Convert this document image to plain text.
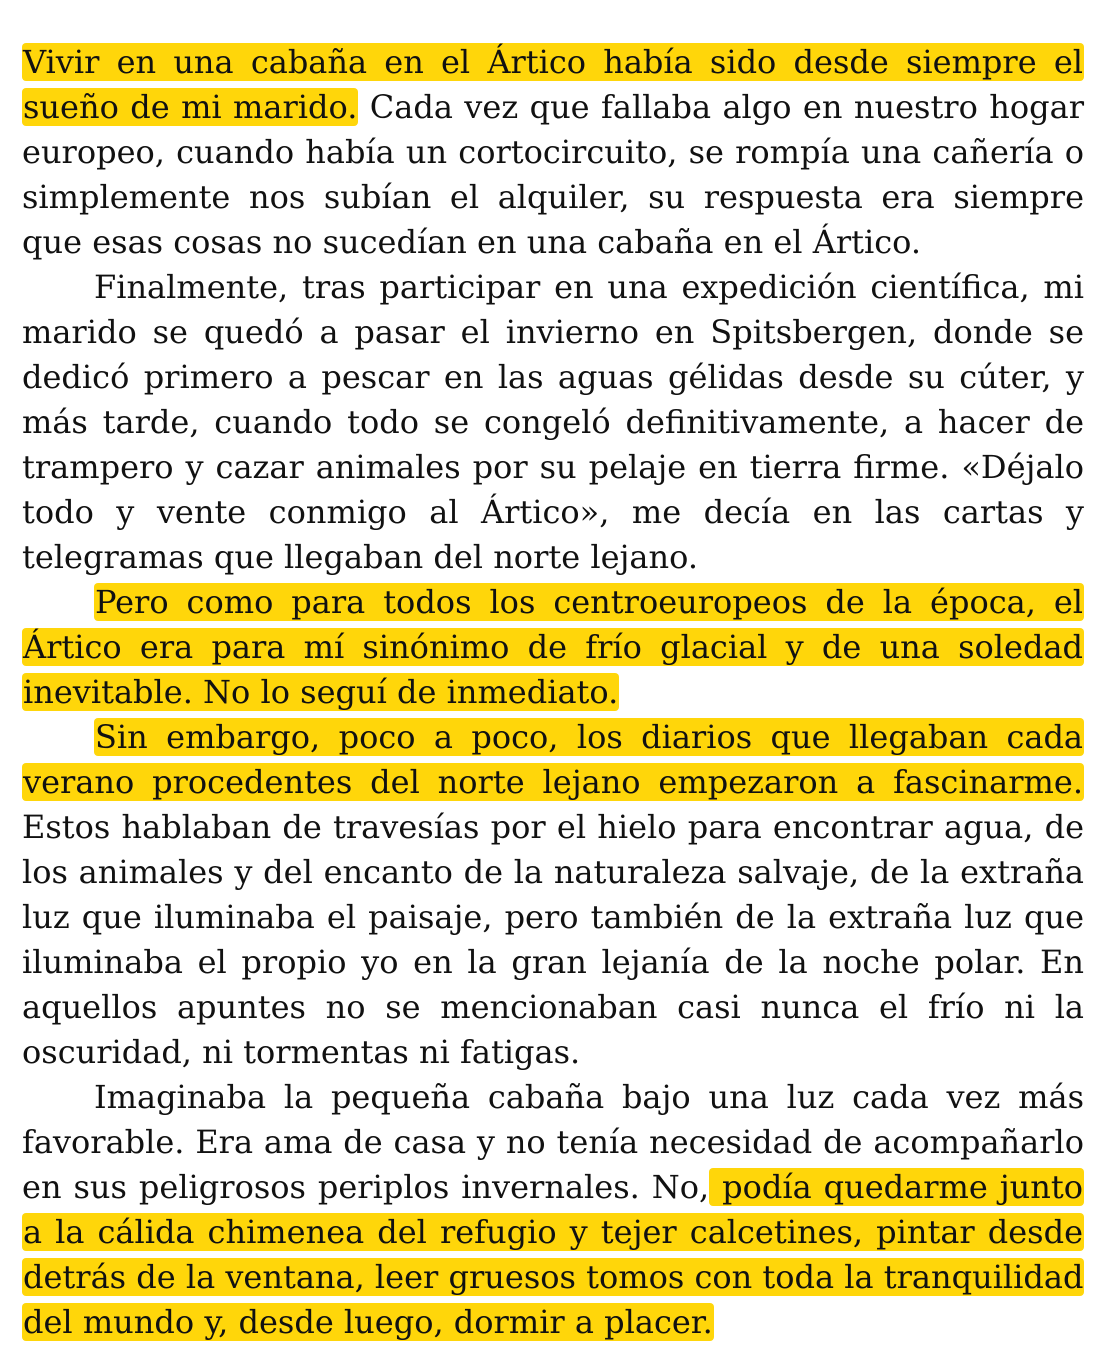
Vivir en una cabaña en el Ártico había sido desde siempre el sueño de mi marido. Cada vez que fallaba algo en nuestro hogar europeo, cuando había un cortocircuito, se rompía una cañería o simplemente nos subían el alquiler, su respuesta era siempre que esas cosas no sucedían en una cabaña en el Ártico.

Finalmente, tras participar en una expedición científica, mi marido se quedó a pasar el invierno en Spitsbergen, donde se dedicó primero a pescar en las aguas gélidas desde su cúter, y más tarde, cuando todo se congeló definitivamente, a hacer de trampero y cazar animales por su pelaje en tierra firme. «Déjalo todo y vente conmigo al Ártico», me decía en las cartas y telegramas que llegaban del norte lejano.

Pero como para todos los centroeuropeos de la época, el Ártico era para mí sinónimo de frío glacial y de una soledad inevitable. No lo seguí de inmediato.

Sin embargo, poco a poco, los diarios que llegaban cada verano procedentes del norte lejano empezaron a fascinarme. Estos hablaban de travesías por el hielo para encontrar agua, de los animales y del encanto de la naturaleza salvaje, de la extraña luz que iluminaba el paisaje, pero también de la extraña luz que iluminaba el propio yo en la gran lejanía de la noche polar. En aquellos apuntes no se mencionaban casi nunca el frío ni la oscuridad, ni tormentas ni fatigas.

Imaginaba la pequeña cabaña bajo una luz cada vez más favorable. Era ama de casa y no tenía necesidad de acompañarlo en sus peligrosos periplos invernales. No, podía quedarme junto a la cálida chimenea del refugio y tejer calcetines, pintar desde detrás de la ventana, leer gruesos tomos con toda la tranquilidad del mundo y, desde luego, dormir a placer.
